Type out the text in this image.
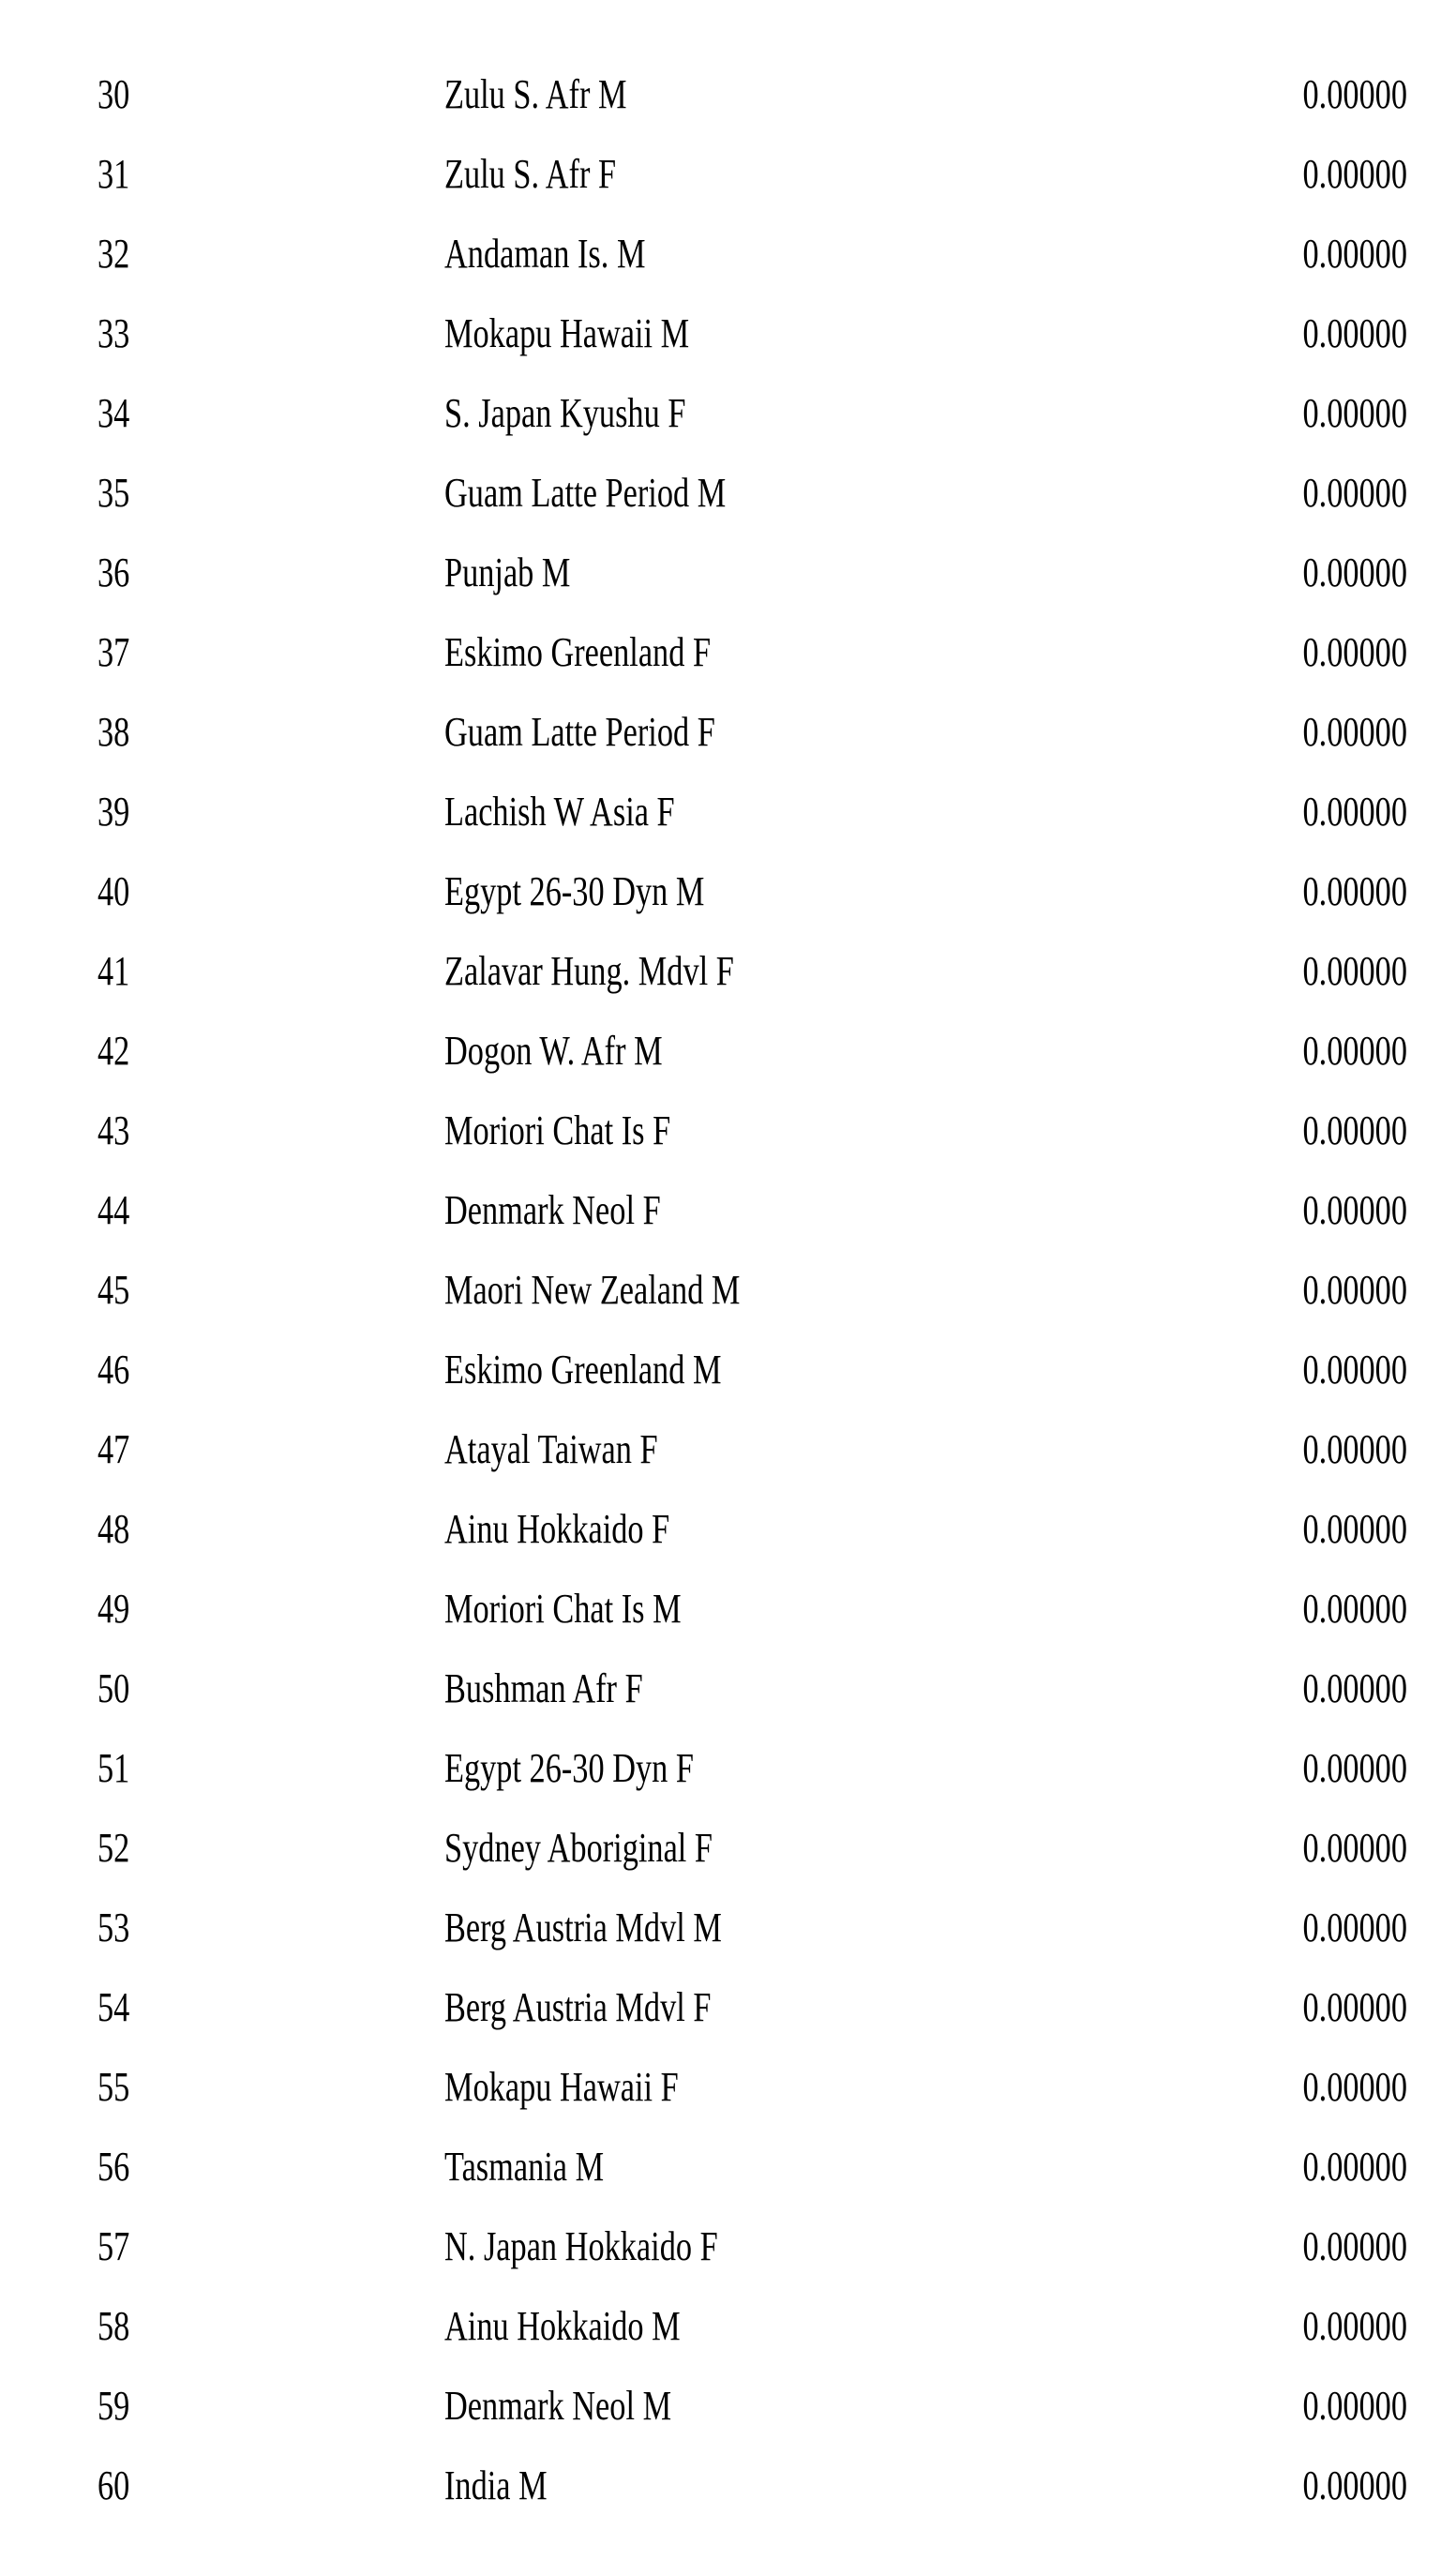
30	Zulu S. Afr M	0.00000
31	Zulu S. Afr F	0.00000
32	Andaman Is. M	0.00000
33	Mokapu Hawaii M	0.00000
34	S. Japan Kyushu F	0.00000
35	Guam Latte Period M	0.00000
36	Punjab M	0.00000
37	Eskimo Greenland F	0.00000
38	Guam Latte Period F	0.00000
39	Lachish W Asia F	0.00000
40	Egypt 26-30 Dyn M	0.00000
41	Zalavar Hung. Mdvl F	0.00000
42	Dogon W. Afr M	0.00000
43	Moriori Chat Is F	0.00000
44	Denmark Neol F	0.00000
45	Maori New Zealand M	0.00000
46	Eskimo Greenland M	0.00000
47	Atayal Taiwan F	0.00000
48	Ainu Hokkaido F	0.00000
49	Moriori Chat Is M	0.00000
50	Bushman Afr F	0.00000
51	Egypt 26-30 Dyn F	0.00000
52	Sydney Aboriginal F	0.00000
53	Berg Austria Mdvl M	0.00000
54	Berg Austria Mdvl F	0.00000
55	Mokapu Hawaii F	0.00000
56	Tasmania M	0.00000
57	N. Japan Hokkaido F	0.00000
58	Ainu Hokkaido M	0.00000
59	Denmark Neol M	0.00000
60	India M	0.00000
